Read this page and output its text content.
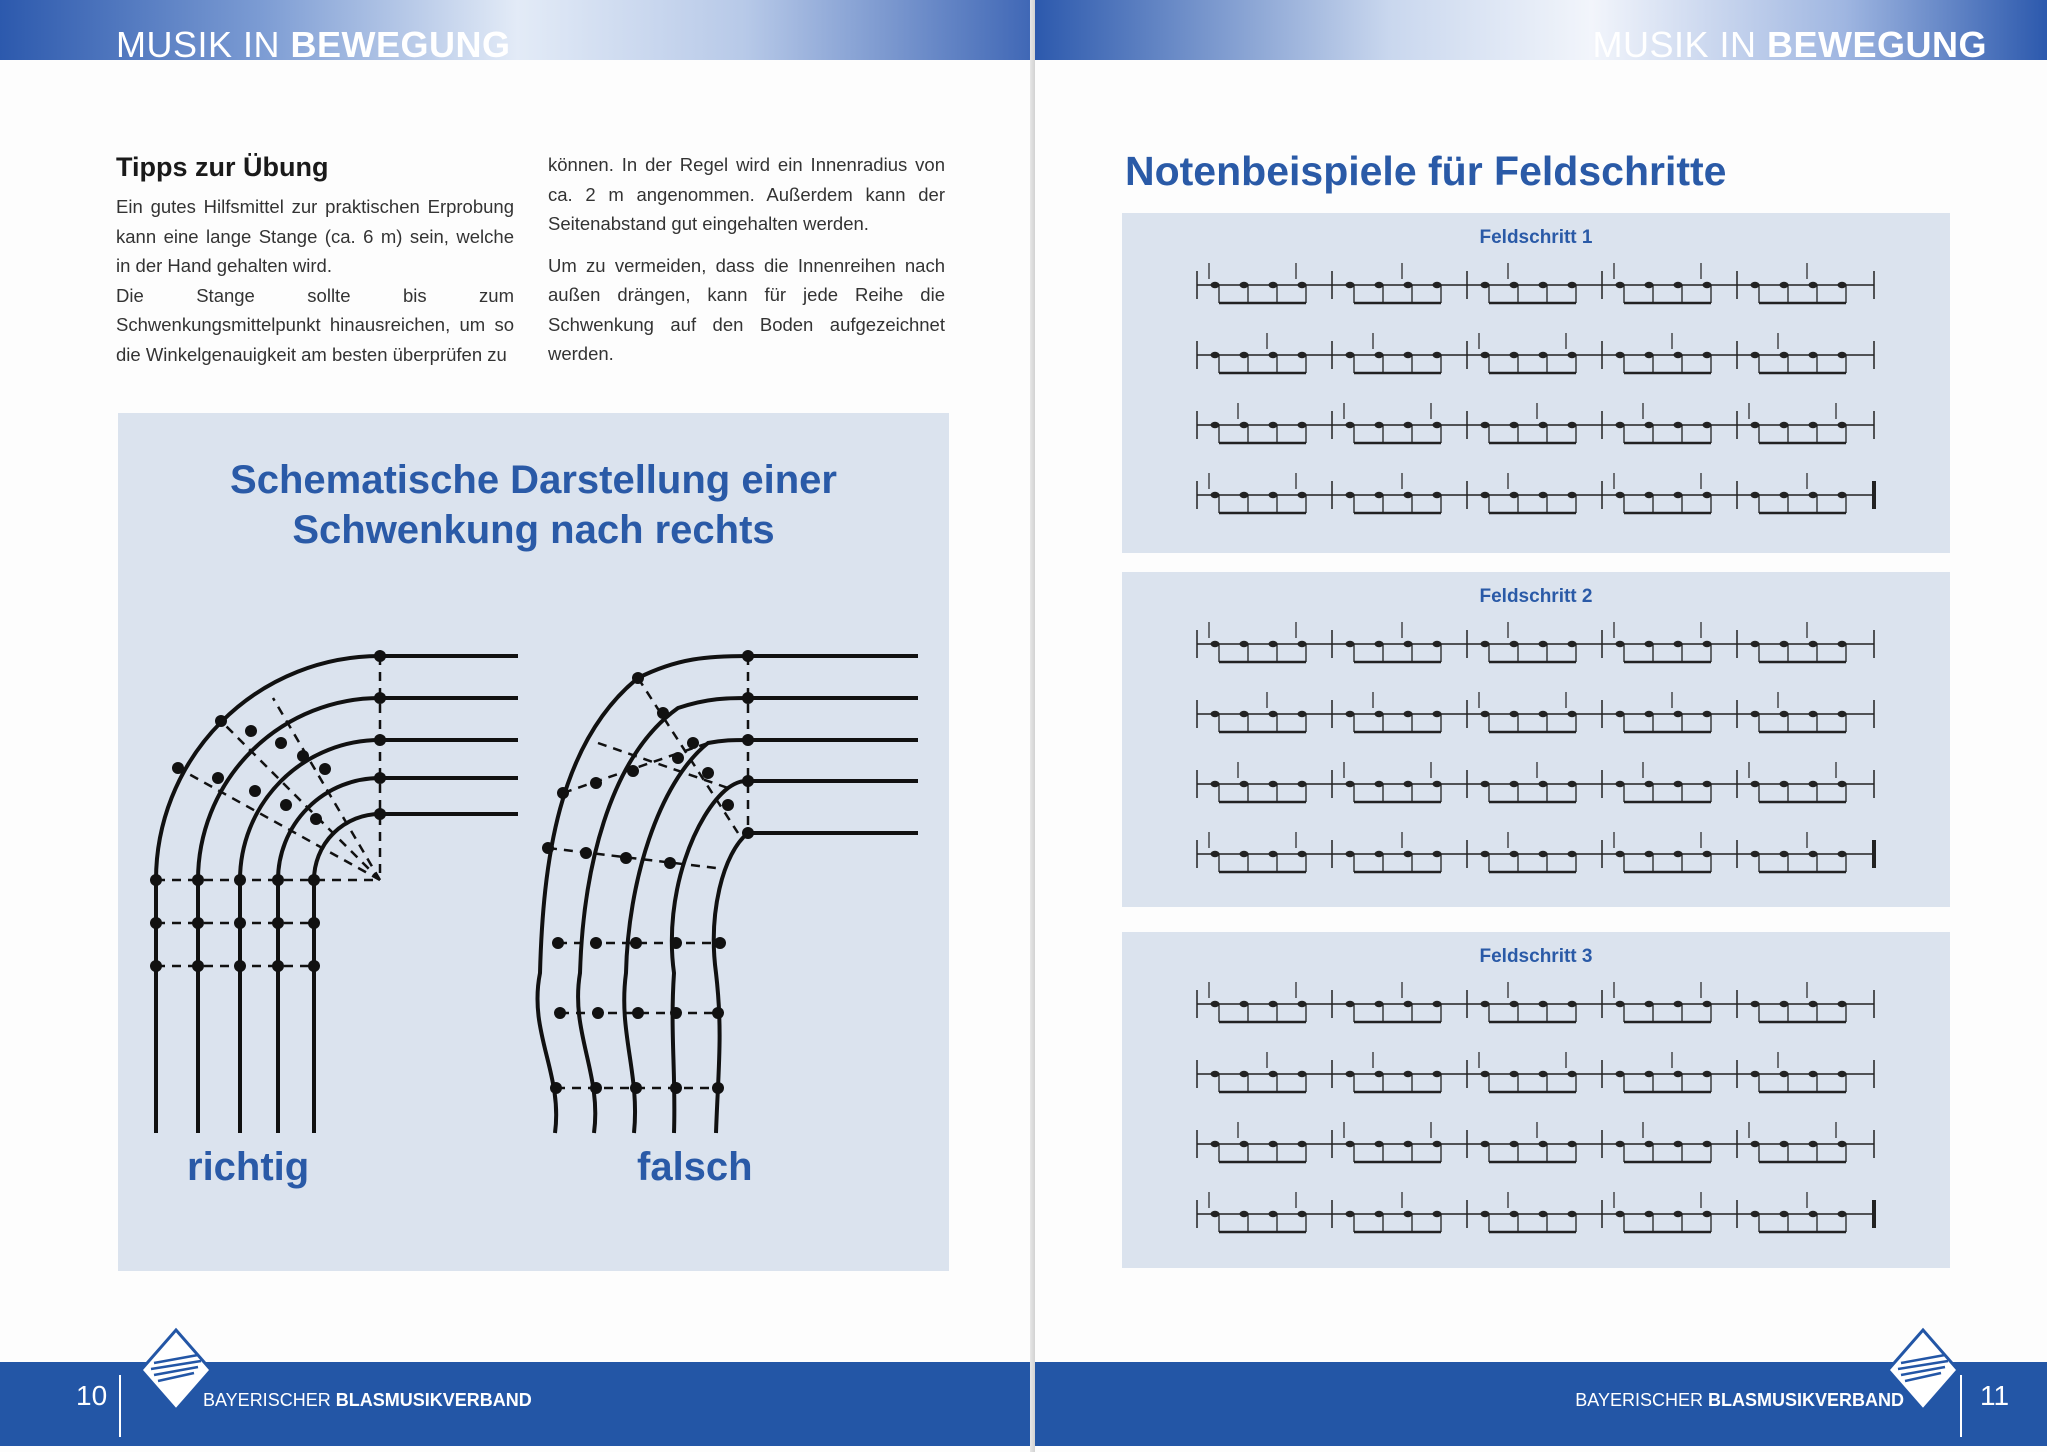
MUSIK IN BEWEGUNG
Tipps zur Übung

Ein gutes Hilfsmittel zur praktischen Erprobung kann eine lange Stange (ca. 6 m) sein, welche in der Hand gehalten wird.

Die Stange sollte bis zum Schwenkungsmittelpunkt hinausreichen, um so die Winkelgenauigkeit am besten überprüfen zu

können. In der Regel wird ein Innenradius von ca. 2 m angenommen. Außerdem kann der Seitenabstand gut eingehalten werden.

Um zu vermeiden, dass die Innenreihen nach außen drängen, kann für jede Reihe die Schwenkung auf den Boden aufgezeichnet werden.

Schematische Darstellung einer
Schwenkung nach rechts
richtig	falsch
10	BAYERISCHER BLASMUSIKVERBAND
MUSIK IN BEWEGUNG
Notenbeispiele für Feldschritte
Feldschritt 1
Feldschritt 2
Feldschritt 3
BAYERISCHER BLASMUSIKVERBAND	11
